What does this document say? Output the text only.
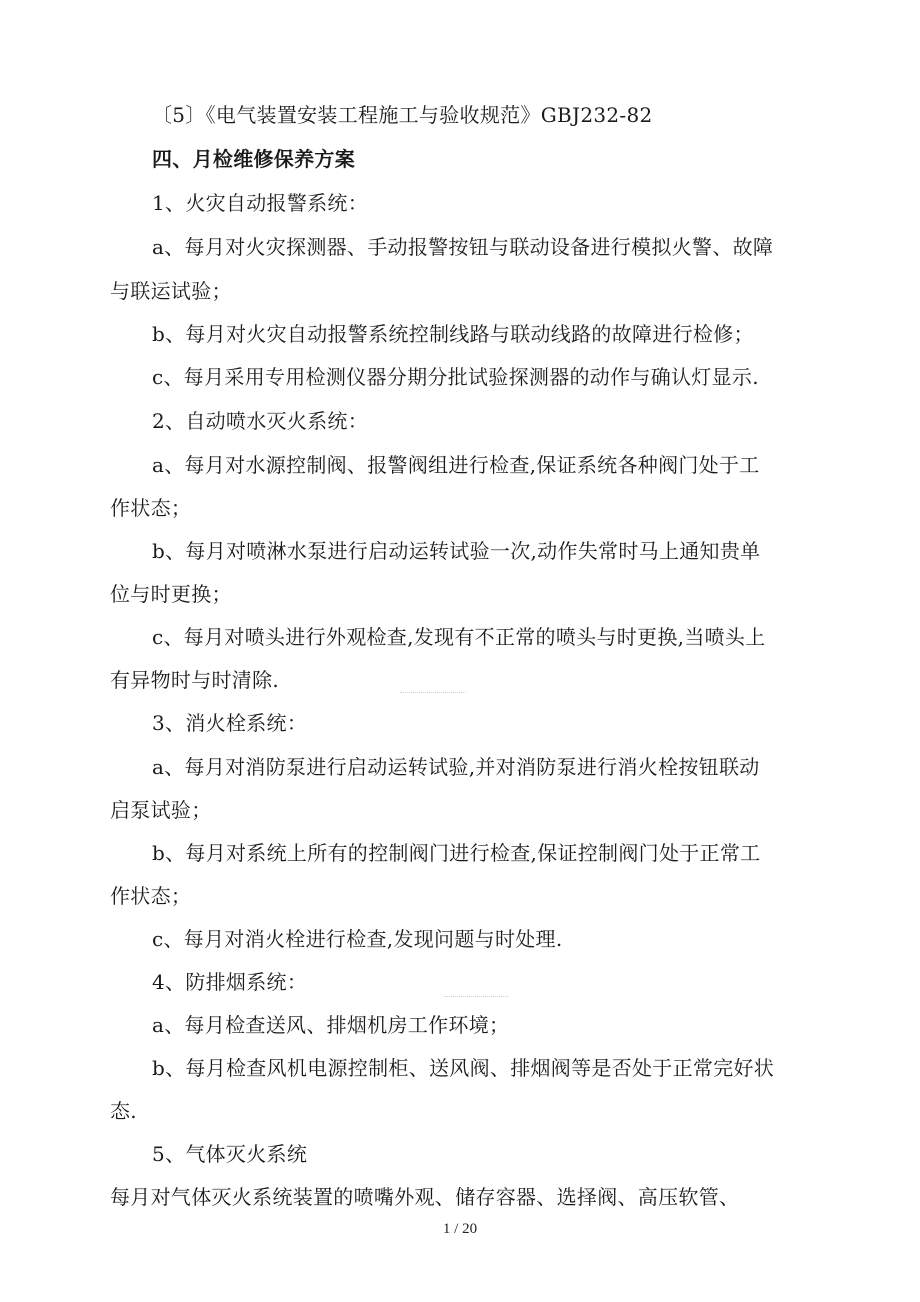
〔5〕《电气装置安装工程施工与验收规范》GBJ232-82
四、月检维修保养方案
1、火灾自动报警系统：
a、每月对火灾探测器、手动报警按钮与联动设备进行模拟火警、故障
与联运试验；
b、每月对火灾自动报警系统控制线路与联动线路的故障进行检修；
c、每月采用专用检测仪器分期分批试验探测器的动作与确认灯显示.
2、自动喷水灭火系统：
a、每月对水源控制阀、报警阀组进行检查,保证系统各种阀门处于工
作状态；
b、每月对喷淋水泵进行启动运转试验一次,动作失常时马上通知贵单
位与时更换；
c、每月对喷头进行外观检查,发现有不正常的喷头与时更换,当喷头上
有异物时与时清除.
3、消火栓系统：
a、每月对消防泵进行启动运转试验,并对消防泵进行消火栓按钮联动
启泵试验；
b、每月对系统上所有的控制阀门进行检查,保证控制阀门处于正常工
作状态；
c、每月对消火栓进行检查,发现问题与时处理.
4、防排烟系统：
a、每月检查送风、排烟机房工作环境；
b、每月检查风机电源控制柜、送风阀、排烟阀等是否处于正常完好状
态.
5、气体灭火系统
每月对气体灭火系统装置的喷嘴外观、储存容器、选择阀、高压软管、
1 / 20
